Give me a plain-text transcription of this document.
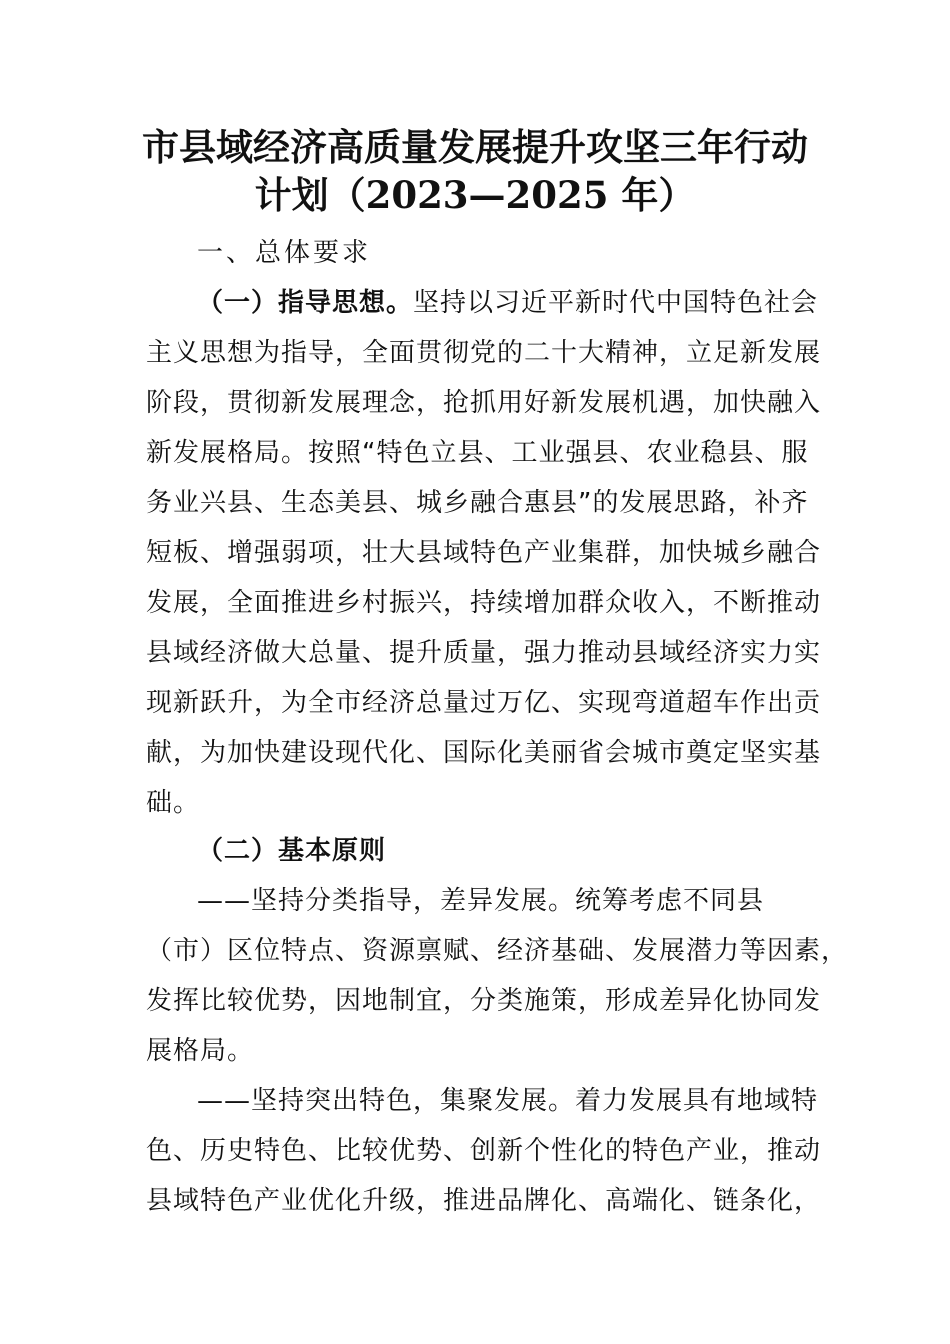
市县域经济高质量发展提升攻坚三年行动
计划（2023—2025 年）
一、总体要求
（一）指导思想。坚持以习近平新时代中国特色社会
主义思想为指导，全面贯彻党的二十大精神，立足新发展
阶段，贯彻新发展理念，抢抓用好新发展机遇，加快融入
新发展格局。按照“特色立县、工业强县、农业稳县、服
务业兴县、生态美县、城乡融合惠县”的发展思路，补齐
短板、增强弱项，壮大县域特色产业集群，加快城乡融合
发展，全面推进乡村振兴，持续增加群众收入，不断推动
县域经济做大总量、提升质量，强力推动县域经济实力实
现新跃升，为全市经济总量过万亿、实现弯道超车作出贡
献，为加快建设现代化、国际化美丽省会城市奠定坚实基
础。
（二）基本原则
——坚持分类指导，差异发展。统筹考虑不同县
（市）区位特点、资源禀赋、经济基础、发展潜力等因素，
发挥比较优势，因地制宜，分类施策，形成差异化协同发
展格局。
——坚持突出特色，集聚发展。着力发展具有地域特
色、历史特色、比较优势、创新个性化的特色产业，推动
县域特色产业优化升级，推进品牌化、高端化、链条化，
